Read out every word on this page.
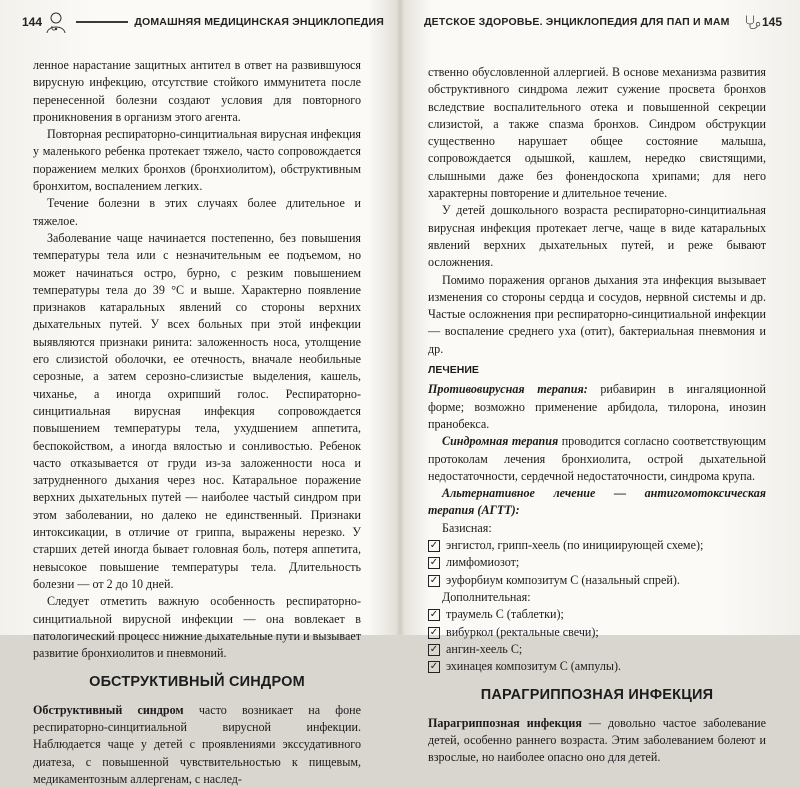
144	ДОМАШНЯЯ МЕДИЦИНСКАЯ ЭНЦИКЛОПЕДИЯ

ленное нарастание защитных антител в ответ на развившуюся вирусную инфекцию, отсутствие стойкого иммунитета после перенесенной болезни создают условия для повторного проникновения в организм этого агента.

Повторная респираторно-синцитиальная вирусная инфекция у маленького ребенка протекает тяжело, часто сопровождается поражением мелких бронхов (бронхиолитом), обструктивным бронхитом, воспалением легких.

Течение болезни в этих случаях более длительное и тяжелое.

Заболевание чаще начинается постепенно, без повышения температуры тела или с незначительным ее подъемом, но может начинаться остро, бурно, с резким повышением температуры тела до 39 °С и выше. Характерно появление признаков катаральных явлений со стороны верхних дыхательных путей. У всех больных при этой инфекции выявляются признаки ринита: заложенность носа, утолщение его слизистой оболочки, ее отечность, вначале необильные серозные, а затем серозно-слизистые выделения, кашель, чиханье, а иногда охрипший голос. Респираторно-синцитиальная вирусная инфекция сопровождается повышением температуры тела, ухудшением аппетита, беспокойством, а иногда вялостью и сонливостью. Ребенок часто отказывается от груди из-за заложенности носа и затрудненного дыхания через нос. Катаральное поражение верхних дыхательных путей — наиболее частый синдром при этом заболевании, но далеко не единственный. Признаки интоксикации, в отличие от гриппа, выражены нерезко. У старших детей иногда бывает головная боль, потеря аппетита, невысокое повышение температуры тела. Длительность болезни — от 2 до 10 дней.

Следует отметить важную особенность респираторно-синцитиальной вирусной инфекции — она вовлекает в патологический процесс нижние дыхательные пути и вызывает развитие бронхиолитов и пневмоний.

ОБСТРУКТИВНЫЙ СИНДРОМ

Обструктивный синдром часто возникает на фоне респираторно-синцитиальной вирусной инфекции. Наблюдается чаще у детей с проявлениями экссудативного диатеза, с повышенной чувствительностью к пищевым, медикаментозным аллергенам, с наслед-

ДЕТСКОЕ ЗДОРОВЬЕ. ЭНЦИКЛОПЕДИЯ ДЛЯ ПАП И МАМ	145

ственно обусловленной аллергией. В основе механизма развития обструктивного синдрома лежит сужение просвета бронхов вследствие воспалительного отека и повышенной секреции слизистой, а также спазма бронхов. Синдром обструкции существенно нарушает общее состояние малыша, сопровождается одышкой, кашлем, нередко свистящими, слышными даже без фонендоскопа хрипами; для него характерны повторение и длительное течение.

У детей дошкольного возраста респираторно-синцитиальная вирусная инфекция протекает легче, чаще в виде катаральных явлений верхних дыхательных путей, и реже бывают осложнения.

Помимо поражения органов дыхания эта инфекция вызывает изменения со стороны сердца и сосудов, нервной системы и др. Частые осложнения при респираторно-синцитиальной инфекции — воспаление среднего уха (отит), бактериальная пневмония и др.

ЛЕЧЕНИЕ

Противовирусная терапия: рибавирин в ингаляционной форме; возможно применение арбидола, тилорона, инозин пранобекса.

Синдромная терапия проводится согласно соответствующим протоколам лечения бронхиолита, острой дыхательной недостаточности, сердечной недостаточности, синдрома крупа.

Альтернативное лечение — антигомотоксическая терапия (АГТТ):

Базисная:

✓ энгистол, грипп-хеель (по инициирующей схеме);
✓ лимфомиозот;
✓ эуфорбиум композитум С (назальный спрей).

Дополнительная:

✓ траумель С (таблетки);
✓ вибуркол (ректальные свечи);
✓ ангин-хеель С;
✓ эхинацея композитум С (ампулы).
ПАРАГРИППОЗНАЯ ИНФЕКЦИЯ

Парагриппозная инфекция — довольно частое заболевание детей, особенно раннего возраста. Этим заболеванием болеют и взрослые, но наиболее опасно оно для детей.
